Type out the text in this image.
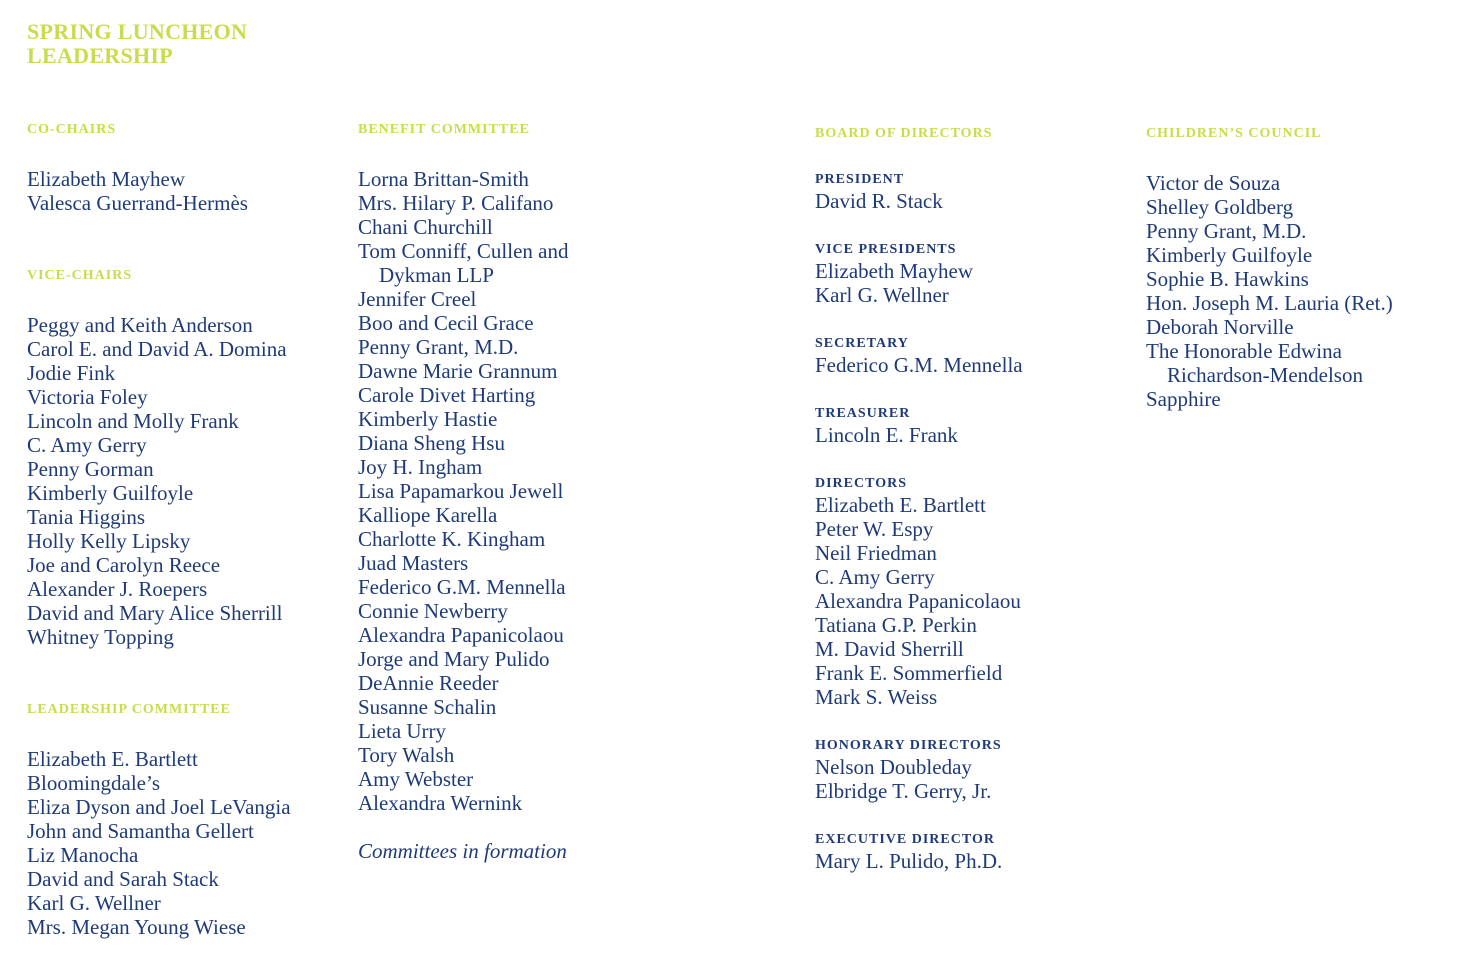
SPRING LUNCHEON
LEADERSHIP
CO-CHAIRS
Elizabeth Mayhew
Valesca Guerrand-Hermès
VICE-CHAIRS
Peggy and Keith Anderson
Carol E. and David A. Domina
Jodie Fink
Victoria Foley
Lincoln and Molly Frank
C. Amy Gerry
Penny Gorman
Kimberly Guilfoyle
Tania Higgins
Holly Kelly Lipsky
Joe and Carolyn Reece
Alexander J. Roepers
David and Mary Alice Sherrill
Whitney Topping
LEADERSHIP COMMITTEE
Elizabeth E. Bartlett
Bloomingdale’s
Eliza Dyson and Joel LeVangia
John and Samantha Gellert
Liz Manocha
David and Sarah Stack
Karl G. Wellner
Mrs. Megan Young Wiese
BENEFIT COMMITTEE
Lorna Brittan-Smith
Mrs. Hilary P. Califano
Chani Churchill
Tom Conniff, Cullen and
Dykman LLP
Jennifer Creel
Boo and Cecil Grace
Penny Grant, M.D.
Dawne Marie Grannum
Carole Divet Harting
Kimberly Hastie
Diana Sheng Hsu
Joy H. Ingham
Lisa Papamarkou Jewell
Kalliope Karella
Charlotte K. Kingham
Juad Masters
Federico G.M. Mennella
Connie Newberry
Alexandra Papanicolaou
Jorge and Mary Pulido
DeAnnie Reeder
Susanne Schalin
Lieta Urry
Tory Walsh
Amy Webster
Alexandra Wernink

Committees in formation

BOARD OF DIRECTORS
PRESIDENT
David R. Stack
VICE PRESIDENTS
Elizabeth Mayhew
Karl G. Wellner
SECRETARY
Federico G.M. Mennella
TREASURER
Lincoln E. Frank
DIRECTORS
Elizabeth E. Bartlett
Peter W. Espy
Neil Friedman
C. Amy Gerry
Alexandra Papanicolaou
Tatiana G.P. Perkin
M. David Sherrill
Frank E. Sommerfield
Mark S. Weiss
HONORARY DIRECTORS
Nelson Doubleday
Elbridge T. Gerry, Jr.
EXECUTIVE DIRECTOR
Mary L. Pulido, Ph.D.
CHILDREN’S COUNCIL
Victor de Souza
Shelley Goldberg
Penny Grant, M.D.
Kimberly Guilfoyle
Sophie B. Hawkins
Hon. Joseph M. Lauria (Ret.)
Deborah Norville
The Honorable Edwina
Richardson-Mendelson
Sapphire
